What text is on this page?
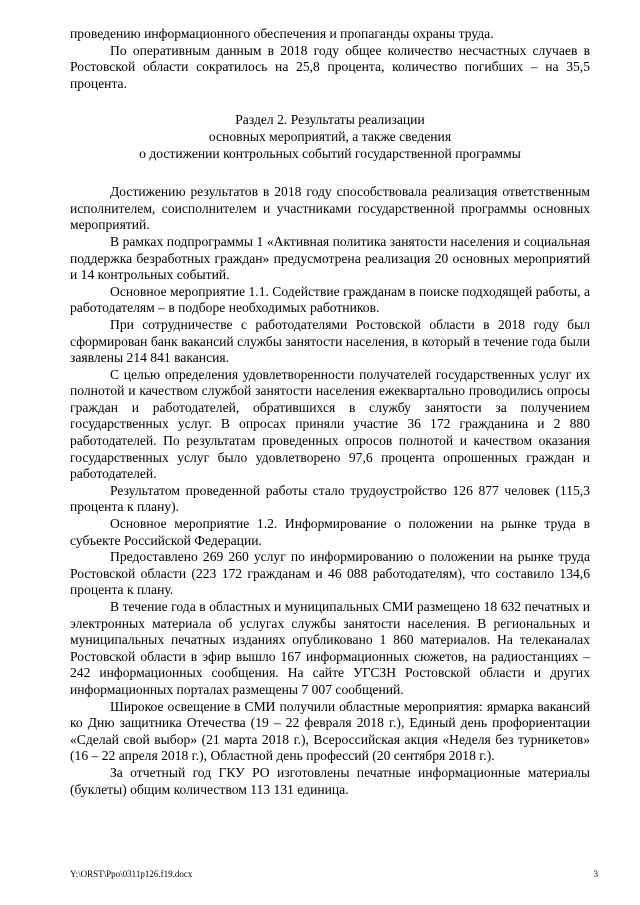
проведению информационного обеспечения и пропаганды охраны труда.

По оперативным данным в 2018 году общее количество несчастных случаев в Ростовской области сократилось на 25,8 процента, количество погибших – на 35,5 процента.

Раздел 2. Результаты реализации
основных мероприятий, а также сведения
о достижении контрольных событий государственной программы

Достижению результатов в 2018 году способствовала реализация ответственным исполнителем, соисполнителем и участниками государственной программы основных мероприятий.

В рамках подпрограммы 1 «Активная политика занятости населения и социальная поддержка безработных граждан» предусмотрена реализация 20 основных мероприятий и 14 контрольных событий.

Основное мероприятие 1.1. Содействие гражданам в поиске подходящей работы, а работодателям – в подборе необходимых работников.

При сотрудничестве с работодателями Ростовской области в 2018 году был сформирован банк вакансий службы занятости населения, в который в течение года были заявлены 214 841 вакансия.

С целью определения удовлетворенности получателей государственных услуг их полнотой и качеством службой занятости населения ежеквартально проводились опросы граждан и работодателей, обратившихся в службу занятости за получением государственных услуг. В опросах приняли участие 36 172 гражданина и 2 880 работодателей. По результатам проведенных опросов полнотой и качеством оказания государственных услуг было удовлетворено 97,6 процента опрошенных граждан и работодателей.

Результатом проведенной работы стало трудоустройство 126 877 человек (115,3 процента к плану).

Основное мероприятие 1.2. Информирование о положении на рынке труда в субъекте Российской Федерации.

Предоставлено 269 260 услуг по информированию о положении на рынке труда Ростовской области (223 172 гражданам и 46 088 работодателям), что составило 134,6 процента к плану.

В течение года в областных и муниципальных СМИ размещено 18 632 печатных и электронных материала об услугах службы занятости населения. В региональных и муниципальных печатных изданиях опубликовано 1 860 материалов. На телеканалах Ростовской области в эфир вышло 167 информационных сюжетов, на радиостанциях – 242 информационных сообщения. На сайте УГСЗН Ростовской области и других информационных порталах размещены 7 007 сообщений.

Широкое освещение в СМИ получили областные мероприятия: ярмарка вакансий ко Дню защитника Отечества (19 – 22 февраля 2018 г.), Единый день профориентации «Сделай свой выбор» (21 марта 2018 г.), Всероссийская акция «Неделя без турникетов» (16 – 22 апреля 2018 г.), Областной день профессий (20 сентября 2018 г.).

За отчетный год ГКУ РО изготовлены печатные информационные материалы (буклеты) общим количеством 113 131 единица.

Y:\ORST\Ppo\0311p126.f19.docx	3
